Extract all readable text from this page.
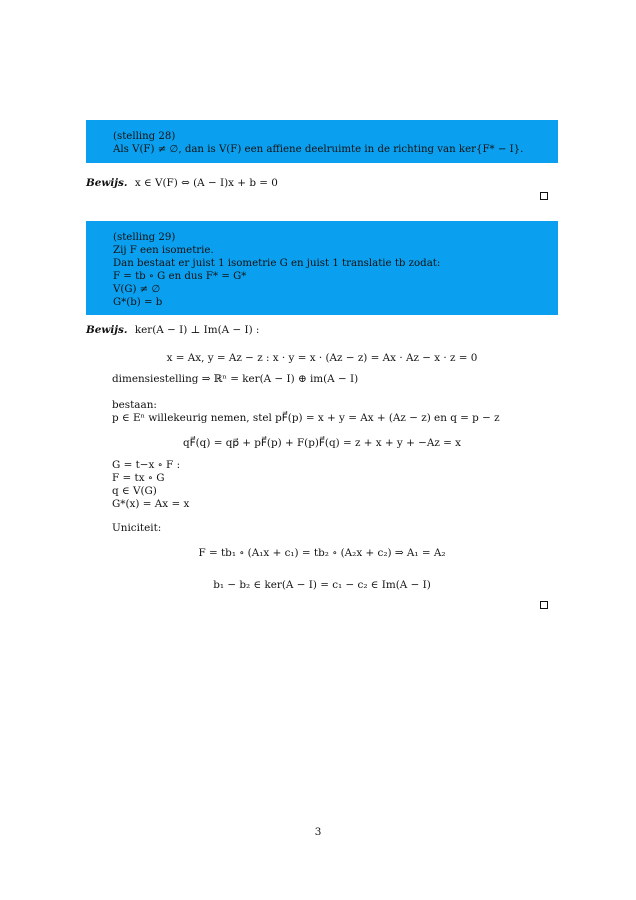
(stelling 28)
Als V(F) ≠ ∅, dan is V(F) een affiene deelruimte in de richting van ker{F* − I}.
Bewijs. x ∈ V(F) ⇔ (A − I)x + b = 0
(stelling 29)
Zij F een isometrie.
Dan bestaat er juist 1 isometrie G en juist 1 translatie tb zodat:
F = tb ∘ G en dus F* = G*
V(G) ≠ ∅
G*(b) = b
Bewijs. ker(A − I) ⊥ Im(A − I) :
x = Ax, y = Az − z : x · y = x · (Az − z) = Ax · Az − x · z = 0
dimensiestelling ⇒ ℝⁿ = ker(A − I) ⊕ im(A − I)
bestaan:
p ∈ Eⁿ willekeurig nemen, stel pF⃗(p) = x + y = Ax + (Az − z) en q = p − z
qF⃗(q) = qp⃗ + pF⃗(p) + F(p)F⃗(q) = z + x + y + −Az = x
G = t−x ∘ F :
F = tx ∘ G
q ∈ V(G)
G*(x) = Ax = x
Uniciteit:
F = tb₁ ∘ (A₁x + c₁) = tb₂ ∘ (A₂x + c₂) ⇒ A₁ = A₂
b₁ − b₂ ∈ ker(A − I) = c₁ − c₂ ∈ Im(A − I)
3
